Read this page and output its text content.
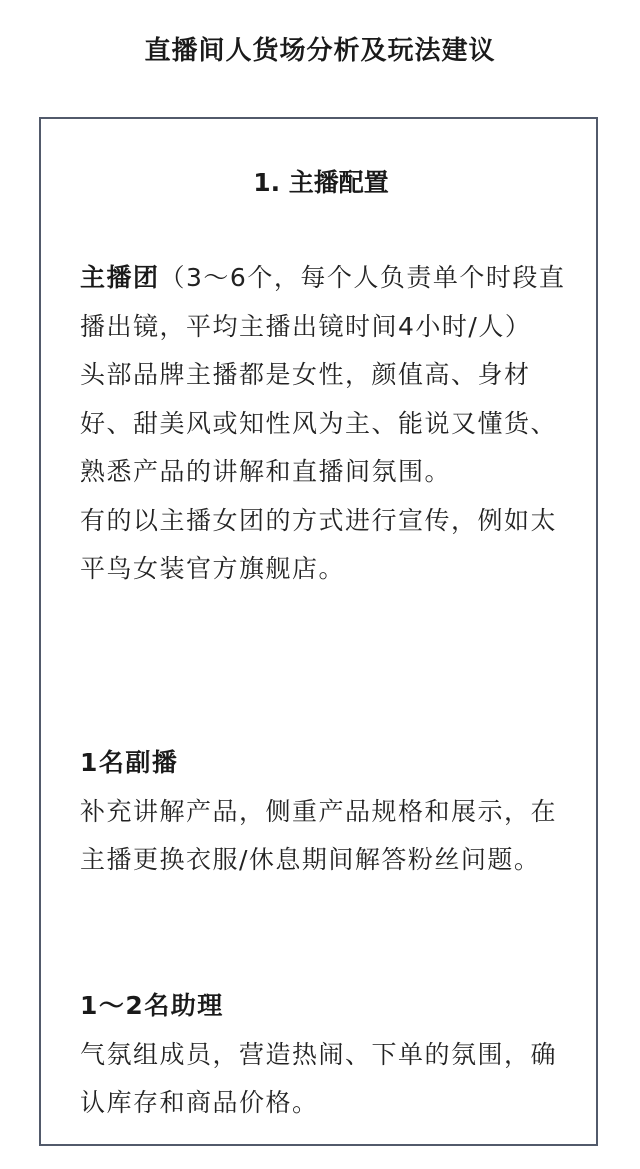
直播间人货场分析及玩法建议
1. 主播配置

主播团（3～6个，每个人负责单个时段直播出镜，平均主播出镜时间4小时/人）

头部品牌主播都是女性，颜值高、身材好、甜美风或知性风为主、能说又懂货、熟悉产品的讲解和直播间氛围。

有的以主播女团的方式进行宣传，例如太平鸟女装官方旗舰店。

1名副播

补充讲解产品，侧重产品规格和展示，在主播更换衣服/休息期间解答粉丝问题。

1～2名助理

气氛组成员，营造热闹、下单的氛围，确认库存和商品价格。
